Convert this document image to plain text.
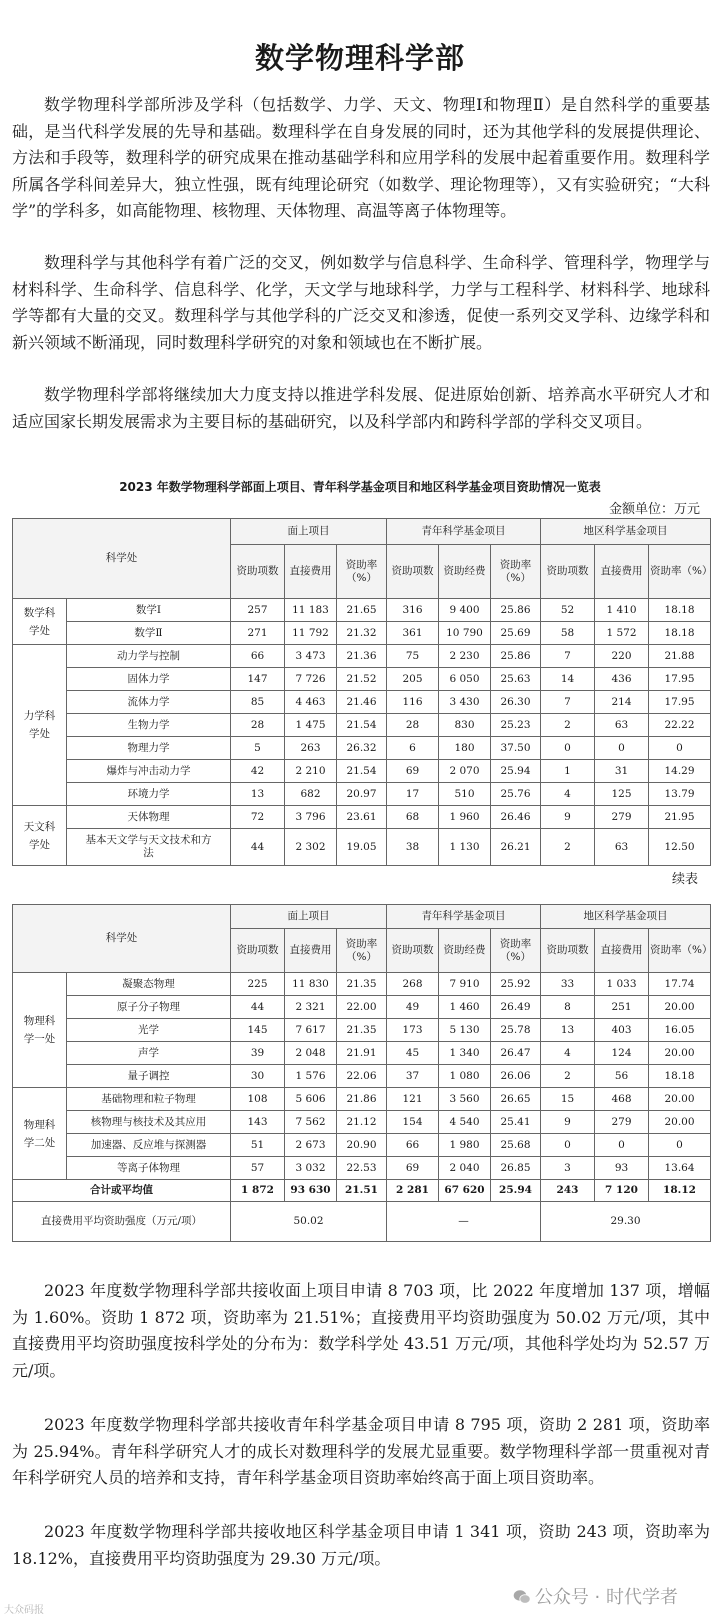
数学物理科学部

数学物理科学部所涉及学科（包括数学、力学、天文、物理Ⅰ和物理Ⅱ）是自然科学的重要基础，是当代科学发展的先导和基础。数理科学在自身发展的同时，还为其他学科的发展提供理论、方法和手段等，数理科学的研究成果在推动基础学科和应用学科的发展中起着重要作用。数理科学所属各学科间差异大，独立性强，既有纯理论研究（如数学、理论物理等），又有实验研究；“大科学”的学科多，如高能物理、核物理、天体物理、高温等离子体物理等。

数理科学与其他科学有着广泛的交叉，例如数学与信息科学、生命科学、管理科学，物理学与材料科学、生命科学、信息科学、化学，天文学与地球科学，力学与工程科学、材料科学、地球科学等都有大量的交叉。数理科学与其他学科的广泛交叉和渗透，促使一系列交叉学科、边缘学科和新兴领域不断涌现，同时数理科学研究的对象和领域也在不断扩展。

数学物理科学部将继续加大力度支持以推进学科发展、促进原始创新、培养高水平研究人才和适应国家长期发展需求为主要目标的基础研究，以及科学部内和跨科学部的学科交叉项目。

2023 年数学物理科学部面上项目、青年科学基金项目和地区科学基金项目资助情况一览表
金额单位：万元
科学处		面上项目			青年科学基金项目			地区科学基金项目		
		资助项数	直接费用	资助率（%）	资助项数	资助经费	资助率（%）	资助项数	直接费用	资助率（%）
数学科学处	数学Ⅰ	257	11 183	21.65	316	9 400	25.86	52	1 410	18.18
	数学Ⅱ	271	11 792	21.32	361	10 790	25.69	58	1 572	18.18
力学科学处	动力学与控制	66	3 473	21.36	75	2 230	25.86	7	220	21.88
	固体力学	147	7 726	21.52	205	6 050	25.63	14	436	17.95
	流体力学	85	4 463	21.46	116	3 430	26.30	7	214	17.95
	生物力学	28	1 475	21.54	28	830	25.23	2	63	22.22
	物理力学	5	263	26.32	6	180	37.50	0	0	0
	爆炸与冲击动力学	42	2 210	21.54	69	2 070	25.94	1	31	14.29
	环境力学	13	682	20.97	17	510	25.76	4	125	13.79
天文科学处	天体物理	72	3 796	23.61	68	1 960	26.46	9	279	21.95
	基本天文学与天文技术和方法	44	2 302	19.05	38	1 130	26.21	2	63	12.50
续表
科学处		面上项目			青年科学基金项目			地区科学基金项目		
		资助项数	直接费用	资助率（%）	资助项数	资助经费	资助率（%）	资助项数	直接费用	资助率（%）
物理科学一处	凝聚态物理	225	11 830	21.35	268	7 910	25.92	33	1 033	17.74
	原子分子物理	44	2 321	22.00	49	1 460	26.49	8	251	20.00
	光学	145	7 617	21.35	173	5 130	25.78	13	403	16.05
	声学	39	2 048	21.91	45	1 340	26.47	4	124	20.00
	量子调控	30	1 576	22.06	37	1 080	26.06	2	56	18.18
物理科学二处	基础物理和粒子物理	108	5 606	21.86	121	3 560	26.65	15	468	20.00
	核物理与核技术及其应用	143	7 562	21.12	154	4 540	25.41	9	279	20.00
	加速器、反应堆与探测器	51	2 673	20.90	66	1 980	25.68	0	0	0
	等离子体物理	57	3 032	22.53	69	2 040	26.85	3	93	13.64
合计或平均值		1 872	93 630	21.51	2 281	67 620	25.94	243	7 120	18.12
直接费用平均资助强度（万元/项）		50.02			—			29.30		

2023 年度数学物理科学部共接收面上项目申请 8 703 项，比 2022 年度增加 137 项，增幅为 1.60%。资助 1 872 项，资助率为 21.51%；直接费用平均资助强度为 50.02 万元/项，其中直接费用平均资助强度按科学处的分布为：数学科学处 43.51 万元/项，其他科学处均为 52.57 万元/项。

2023 年度数学物理科学部共接收青年科学基金项目申请 8 795 项，资助 2 281 项，资助率为 25.94%。青年科学研究人才的成长对数理科学的发展尤显重要。数学物理科学部一贯重视对青年科学研究人员的培养和支持，青年科学基金项目资助率始终高于面上项目资助率。

2023 年度数学物理科学部共接收地区科学基金项目申请 1 341 项，资助 243 项，资助率为 18.12%，直接费用平均资助强度为 29.30 万元/项。

公众号 · 时代学者
大众码报
